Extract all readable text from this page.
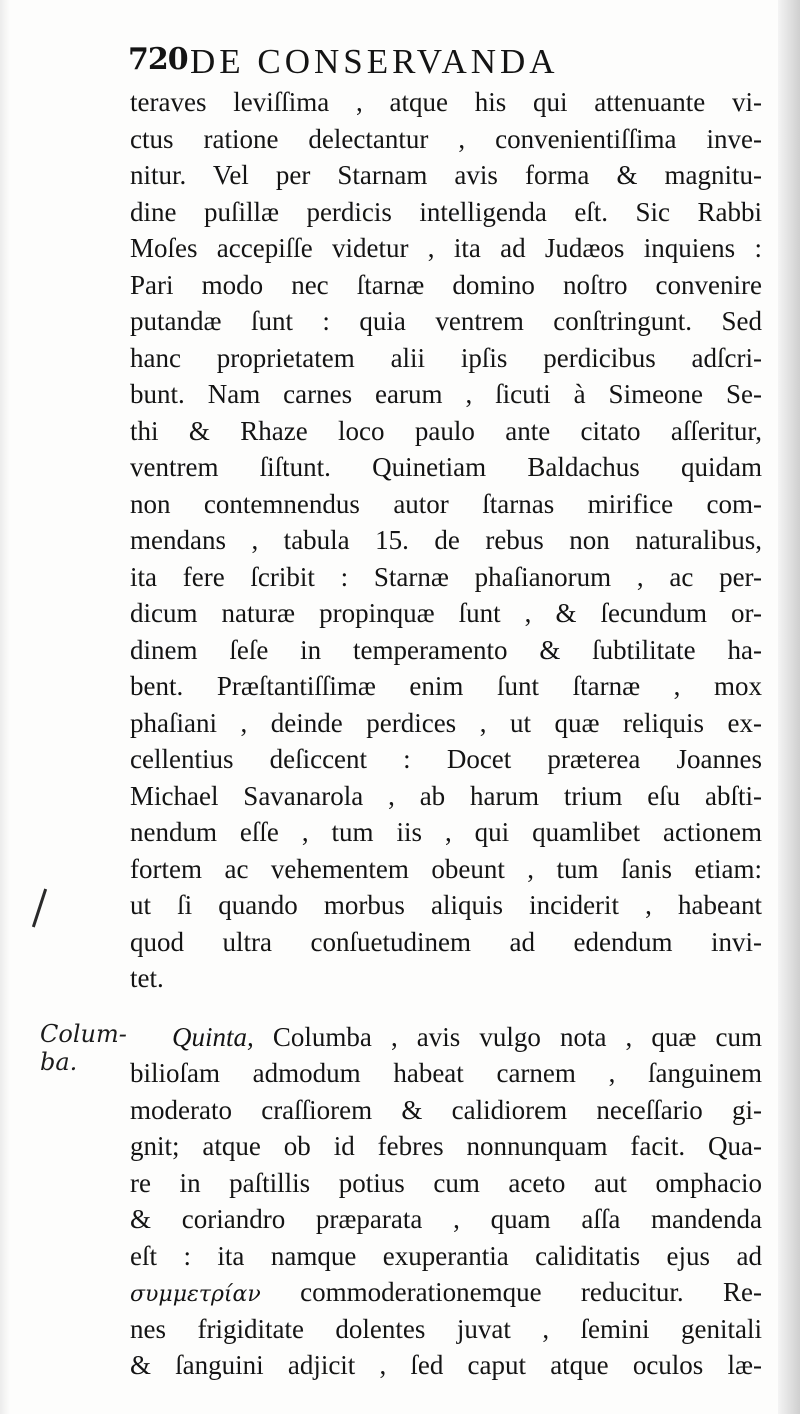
720 DE CONSERVANDA
Colum-
ba.
teraves leviſſima , atque his qui attenuante vi-
ctus ratione delectantur , convenientiſſima inve-
nitur. Vel per Starnam avis forma & magnitu-
dine puſillæ perdicis intelligenda eſt. Sic Rabbi
Moſes accepiſſe videtur , ita ad Judæos inquiens :
Pari modo nec ſtarnæ domino noſtro convenire
putandæ ſunt : quia ventrem conſtringunt. Sed
hanc proprietatem alii ipſis perdicibus adſcri-
bunt. Nam carnes earum , ſicuti à Simeone Se-
thi & Rhaze loco paulo ante citato aſſeritur,
ventrem ſiſtunt. Quinetiam Baldachus quidam
non contemnendus autor ſtarnas mirifice com-
mendans , tabula 15. de rebus non naturalibus,
ita fere ſcribit : Starnæ phaſianorum , ac per-
dicum naturæ propinquæ ſunt , & ſecundum or-
dinem ſeſe in temperamento & ſubtilitate ha-
bent. Præſtantiſſimæ enim ſunt ſtarnæ , mox
phaſiani , deinde perdices , ut quæ reliquis ex-
cellentius deſiccent : Docet præterea Joannes
Michael Savanarola , ab harum trium eſu abſti-
nendum eſſe , tum iis , qui quamlibet actionem
fortem ac vehementem obeunt , tum ſanis etiam:
ut ſi quando morbus aliquis inciderit , habeant
quod ultra conſuetudinem ad edendum invi-
tet.
Quinta, Columba , avis vulgo nota , quæ cum
bilioſam admodum habeat carnem , ſanguinem
moderato craſſiorem & calidiorem neceſſario gi-
gnit; atque ob id febres nonnunquam facit. Qua-
re in paſtillis potius cum aceto aut omphacio
& coriandro præparata , quam aſſa mandenda
eſt : ita namque exuperantia caliditatis ejus ad
συμμετρίαν commoderationemque reducitur. Re-
nes frigiditate dolentes juvat , ſemini genitali
& ſanguini adjicit , ſed caput atque oculos læ-
